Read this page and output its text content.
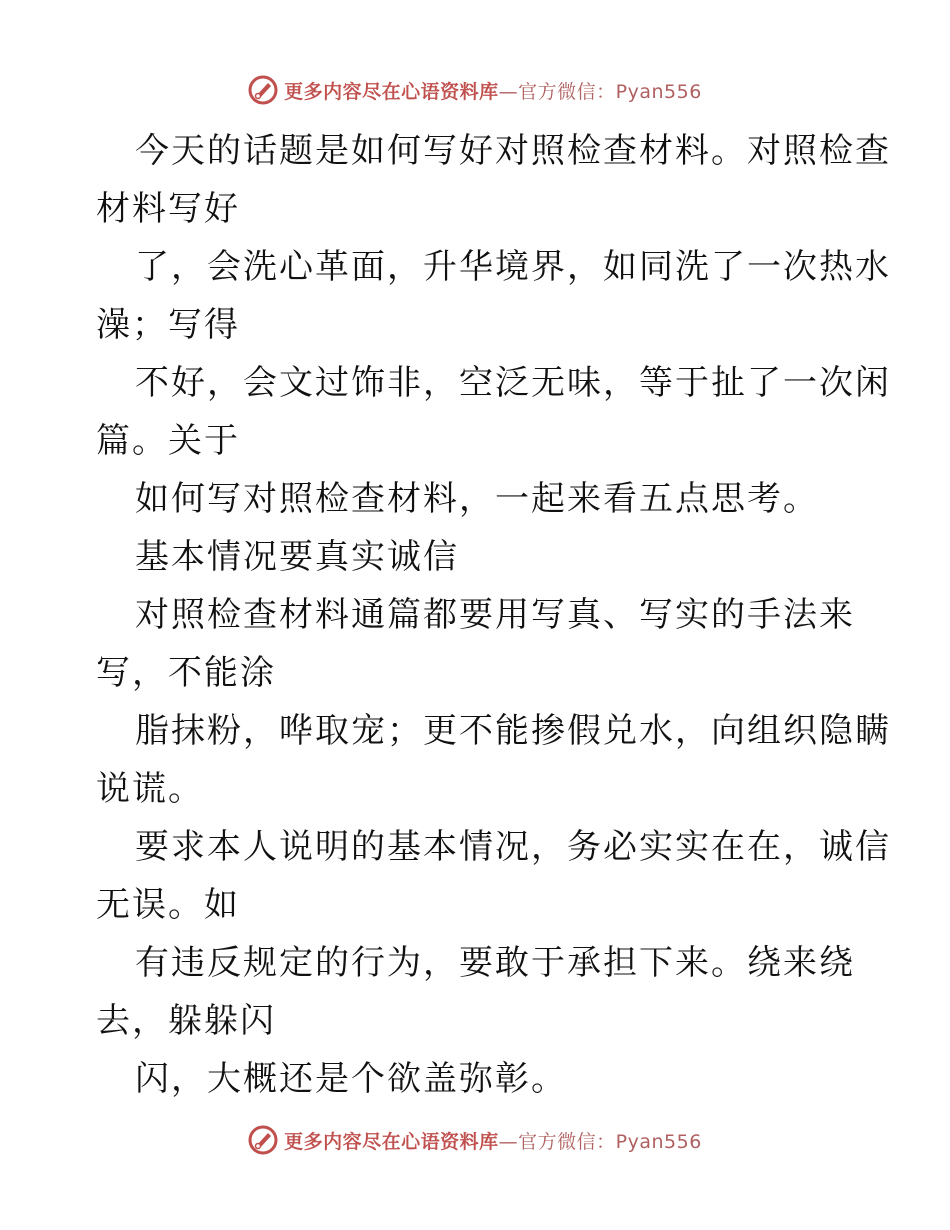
更多内容尽在心语资料库—官方微信：Pyan556
今天的话题是如何写好对照检查材料。对照检查
材料写好
了，会洗心革面，升华境界，如同洗了一次热水
澡；写得
不好，会文过饰非，空泛无味，等于扯了一次闲
篇。关于
如何写对照检查材料，一起来看五点思考。
基本情况要真实诚信
对照检查材料通篇都要用写真、写实的手法来
写，不能涂
脂抹粉，哗取宠；更不能掺假兑水，向组织隐瞒
说谎。
要求本人说明的基本情况，务必实实在在，诚信
无误。如
有违反规定的行为，要敢于承担下来。绕来绕
去，躲躲闪
闪，大概还是个欲盖弥彰。
更多内容尽在心语资料库—官方微信：Pyan556
